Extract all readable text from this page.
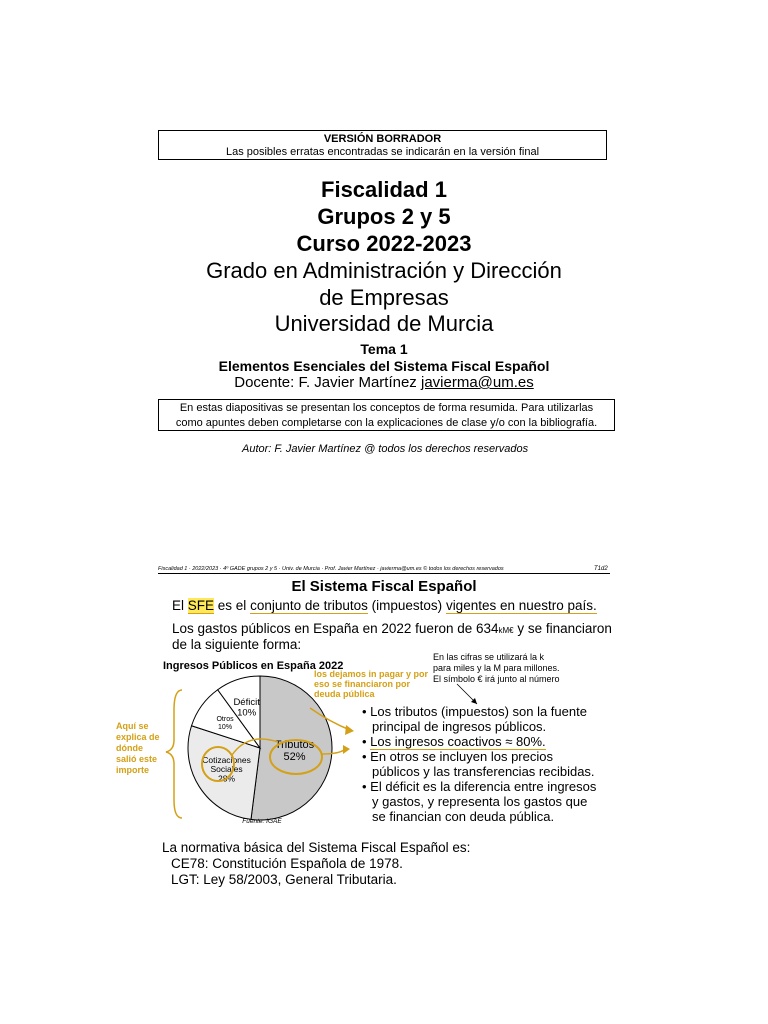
VERSIÓN BORRADOR
Las posibles erratas encontradas se indicarán en la versión final
Fiscalidad 1
Grupos 2 y 5
Curso 2022-2023
Grado en Administración y Dirección
de Empresas
Universidad de Murcia
Tema 1
Elementos Esenciales del Sistema Fiscal Español
Docente: F. Javier Martínez javierma@um.es
En estas diapositivas se presentan los conceptos de forma resumida. Para utilizarlas
como apuntes deben completarse con la explicaciones de clase y/o con la bibliografía.
Autor: F. Javier Martínez @ todos los derechos reservados
Fiscalidad 1 · 2022/2023 · 4º GADE grupos 2 y 5 · Univ. de Murcia · Prof. Javier Martínez · javierma@um.es © todos los derechos reservados	T1d2
El Sistema Fiscal Español
El SFE es el conjunto de tributos (impuestos) vigentes en nuestro país.
Los gastos públicos en España en 2022 fueron de 634kM€ y se financiaron
de la siguiente forma:
En las cifras se utilizará la k
para miles y la M para millones.
El símbolo € irá junto al número
Ingresos Públicos en España 2022
los dejamos in pagar y por
eso se financiaron por
deuda pública
Aquí se
explica de
dónde
salió este
importe
Tributos 52%
Cotizaciones Sociales 28%
Otros 10%
Déficit 10%
Fuente: IGAE
• Los tributos (impuestos) son la fuente
principal de ingresos públicos.
• Los ingresos coactivos ≈ 80%.
• En otros se incluyen los precios
públicos y las transferencias recibidas.
• El déficit es la diferencia entre ingresos
y gastos, y representa los gastos que
se financian con deuda pública.
La normativa básica del Sistema Fiscal Español es:
CE78: Constitución Española de 1978.
LGT: Ley 58/2003, General Tributaria.
